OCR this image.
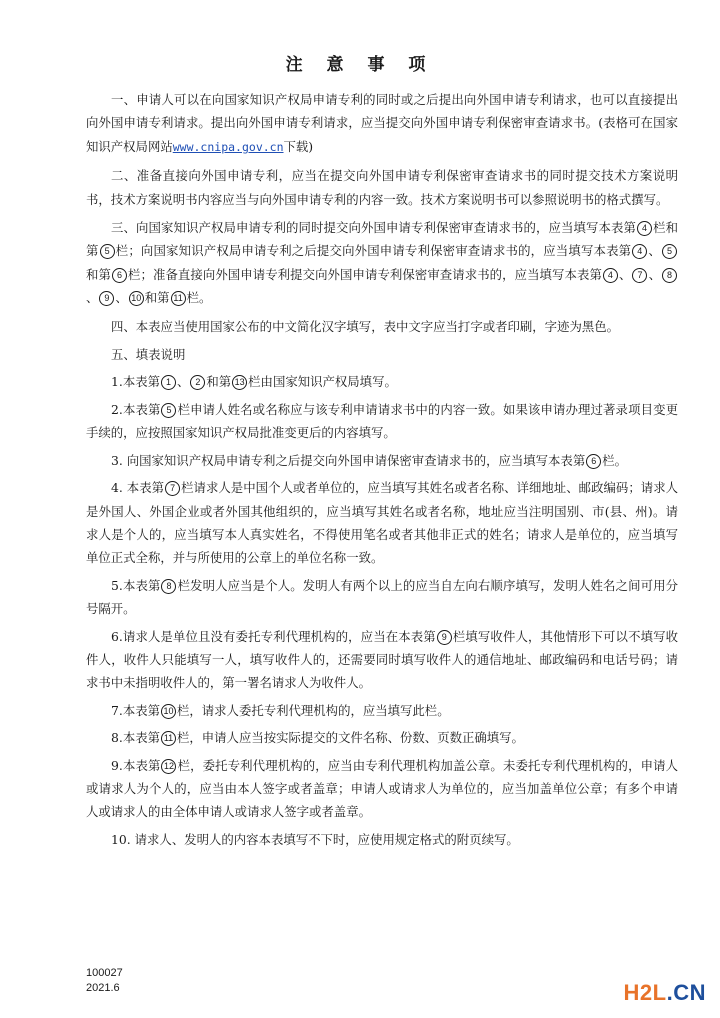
注 意 事 项

一、申请人可以在向国家知识产权局申请专利的同时或之后提出向外国申请专利请求，也可以直接提出向外国申请专利请求。提出向外国申请专利请求，应当提交向外国申请专利保密审查请求书。(表格可在国家知识产权局网站www.cnipa.gov.cn下载)

二、准备直接向外国申请专利，应当在提交向外国申请专利保密审查请求书的同时提交技术方案说明书，技术方案说明书内容应当与向外国申请专利的内容一致。技术方案说明书可以参照说明书的格式撰写。

三、向国家知识产权局申请专利的同时提交向外国申请专利保密审查请求书的，应当填写本表第 4 栏和第 5 栏；向国家知识产权局申请专利之后提交向外国申请专利保密审查请求书的，应当填写本表第 4 、 5和第 6 栏；准备直接向外国申请专利提交向外国申请专利保密审查请求书的，应当填写本表第 4 、 7 、 8、 9 、 10 和第 11 栏。

四、本表应当使用国家公布的中文简化汉字填写，表中文字应当打字或者印刷，字迹为黑色。

五、填表说明

1.本表第 1 、 2 和第 13 栏由国家知识产权局填写。

2.本表第 5 栏申请人姓名或名称应与该专利申请请求书中的内容一致。如果该申请办理过著录项目变更手续的，应按照国家知识产权局批准变更后的内容填写。

3. 向国家知识产权局申请专利之后提交向外国申请保密审查请求书的，应当填写本表第 6 栏。

4. 本表第 7 栏请求人是中国个人或者单位的，应当填写其姓名或者名称、详细地址、邮政编码；请求人是外国人、外国企业或者外国其他组织的，应当填写其姓名或者名称，地址应当注明国别、市(县、州)。请求人是个人的，应当填写本人真实姓名，不得使用笔名或者其他非正式的姓名；请求人是单位的，应当填写单位正式全称，并与所使用的公章上的单位名称一致。

5.本表第 8 栏发明人应当是个人。发明人有两个以上的应当自左向右顺序填写，发明人姓名之间可用分号隔开。

6.请求人是单位且没有委托专利代理机构的，应当在本表第 9 栏填写收件人，其他情形下可以不填写收件人，收件人只能填写一人，填写收件人的，还需要同时填写收件人的通信地址、邮政编码和电话号码；请求书中未指明收件人的，第一署名请求人为收件人。

7.本表第 10 栏，请求人委托专利代理机构的，应当填写此栏。

8.本表第 11 栏，申请人应当按实际提交的文件名称、份数、页数正确填写。

9.本表第 12 栏，委托专利代理机构的，应当由专利代理机构加盖公章。未委托专利代理机构的，申请人或请求人为个人的，应当由本人签字或者盖章；申请人或请求人为单位的，应当加盖单位公章；有多个申请人或请求人的由全体申请人或请求人签字或者盖章。

10. 请求人、发明人的内容本表填写不下时，应使用规定格式的附页续写。

100027
2021.6	H2L.CN
